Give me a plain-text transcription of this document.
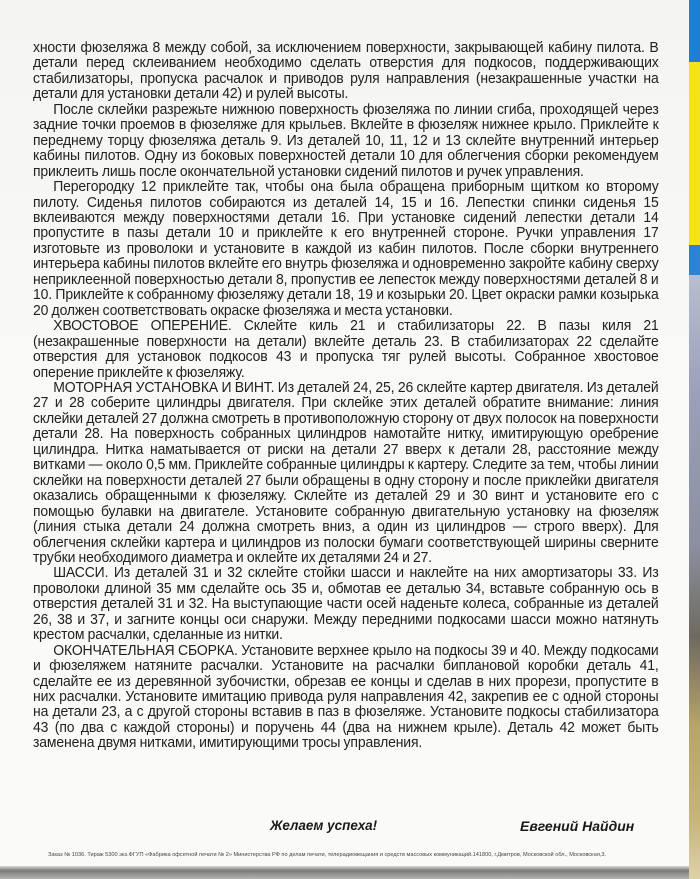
хности фюзеляжа 8 между собой, за исключением поверхности, закрывающей кабину пилота. В детали перед склеиванием необходимо сделать отверстия для подкосов, поддерживающих стабилизаторы, пропуска расчалок и приводов руля направления (незакрашенные участки на детали для установки детали 42) и рулей высоты.

После склейки разрежьте нижнюю поверхность фюзеляжа по линии сгиба, проходящей через задние точки проемов в фюзеляже для крыльев. Вклейте в фюзеляж нижнее крыло. Приклейте к переднему торцу фюзеляжа деталь 9. Из деталей 10, 11, 12 и 13 склейте внутренний интерьер кабины пилотов. Одну из боковых поверхностей детали 10 для облегчения сборки рекомендуем приклеить лишь после окончательной установки сидений пилотов и ручек управления.

Перегородку 12 приклейте так, чтобы она была обращена приборным щитком ко второму пилоту. Сиденья пилотов собираются из деталей 14, 15 и 16. Лепестки спинки сиденья 15 вклеиваются между поверхностями детали 16. При установке сидений лепестки детали 14 пропустите в пазы детали 10 и приклейте к его внутренней стороне. Ручки управления 17 изготовьте из проволоки и установите в каждой из кабин пилотов. После сборки внутреннего интерьера кабины пилотов вклейте его внутрь фюзеляжа и одновременно закройте кабину сверху неприклеенной поверхностью детали 8, пропустив ее лепесток между поверхностями деталей 8 и 10. Приклейте к собранному фюзеляжу детали 18, 19 и козырьки 20. Цвет окраски рамки козырька 20 должен соответствовать окраске фюзеляжа и места установки.

ХВОСТОВОЕ ОПЕРЕНИЕ. Склейте киль 21 и стабилизаторы 22. В пазы киля 21 (незакрашенные поверхности на детали) вклейте деталь 23. В стабилизаторах 22 сделайте отверстия для установок подкосов 43 и пропуска тяг рулей высоты. Собранное хвостовое оперение приклейте к фюзеляжу.

МОТОРНАЯ УСТАНОВКА И ВИНТ. Из деталей 24, 25, 26 склейте картер двигателя. Из деталей 27 и 28 соберите цилиндры двигателя. При склейке этих деталей обратите внимание: линия склейки деталей 27 должна смотреть в противоположную сторону от двух полосок на поверхности детали 28. На поверхность собранных цилиндров намотайте нитку, имитирующую оребрение цилиндра. Нитка наматывается от риски на детали 27 вверх к детали 28, расстояние между витками — около 0,5 мм. Приклейте собранные цилиндры к картеру. Следите за тем, чтобы линии склейки на поверхности деталей 27 были обращены в одну сторону и после приклейки двигателя оказались обращенными к фюзеляжу. Склейте из деталей 29 и 30 винт и установите его с помощью булавки на двигателе. Установите собранную двигательную установку на фюзеляж (линия стыка детали 24 должна смотреть вниз, а один из цилиндров — строго вверх). Для облегчения склейки картера и цилиндров из полоски бумаги соответствующей ширины сверните трубки необходимого диаметра и оклейте их деталями 24 и 27.

ШАССИ. Из деталей 31 и 32 склейте стойки шасси и наклейте на них амортизаторы 33. Из проволоки длиной 35 мм сделайте ось 35 и, обмотав ее деталью 34, вставьте собранную ось в отверстия деталей 31 и 32. На выступающие части осей наденьте колеса, собранные из деталей 26, 38 и 37, и загните концы оси снаружи. Между передними подкосами шасси можно натянуть крестом расчалки, сделанные из нитки.

ОКОНЧАТЕЛЬНАЯ СБОРКА. Установите верхнее крыло на подкосы 39 и 40. Между подкосами и фюзеляжем натяните расчалки. Установите на расчалки биплановой коробки деталь 41, сделайте ее из деревянной зубочистки, обрезав ее концы и сделав в них прорези, пропустите в них расчалки. Установите имитацию привода руля направления 42, закрепив ее с одной стороны на детали 23, а с другой стороны вставив в паз в фюзеляже. Установите подкосы стабилизатора 43 (по два с каждой стороны) и поручень 44 (два на нижнем крыле). Деталь 42 может быть заменена двумя нитками, имитирующими тросы управления.

Желаем успеха!	Евгений Найдин
Заказ № 1036. Тираж 5300 экз.ФГУП «Фабрика офсетной печати № 2» Министерства РФ по делам печати, телерадиовещания и средств массовых коммуникаций.141800, г.Дмитров, Московской обл., Московская,3.
